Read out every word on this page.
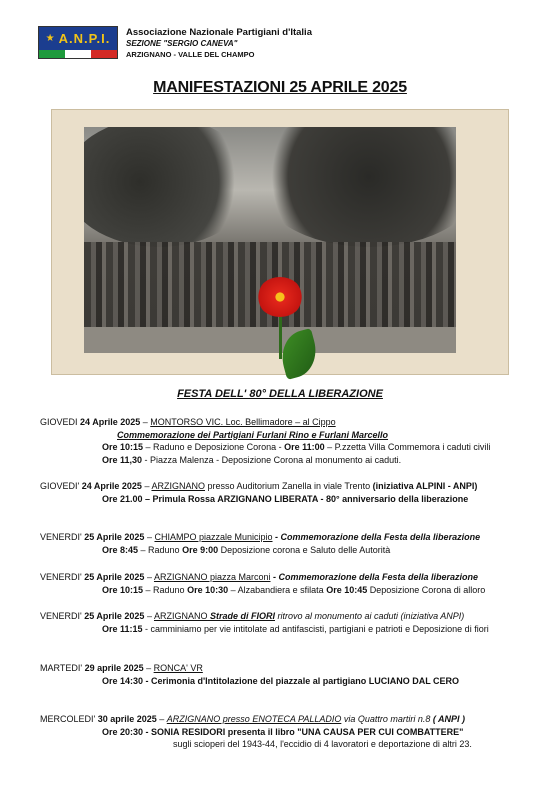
★ A.N.P.I. Associazione Nazionale Partigiani d'Italia
SEZIONE "SERGIO CANEVA"
ARZIGNANO - VALLE DEL CHAMPO
MANIFESTAZIONI 25 APRILE 2025
FESTA DELL' 80° DELLA LIBERAZIONE
GIOVEDI 24 Aprile 2025 – MONTORSO VIC. Loc. Bellimadore – al Cippo
Commemorazione dei Partigiani Furlani Rino e Furlani Marcello
Ore 10:15 – Raduno e Deposizione Corona - Ore 11:00 – P.zzetta Villa Commemora i caduti civili
Ore 11,30 - Piazza Malenza - Deposizione Corona al monumento ai caduti.
GIOVEDI' 24 Aprile 2025 – ARZIGNANO presso Auditorium Zanella in viale Trento (iniziativa ALPINI - ANPI)
Ore 21.00 – Primula Rossa ARZIGNANO LIBERATA - 80° anniversario della liberazione
VENERDI' 25 Aprile 2025 – CHIAMPO piazzale Municipio - Commemorazione della Festa della liberazione
Ore 8:45 – Raduno Ore 9:00 Deposizione corona e Saluto delle Autorità
VENERDI' 25 Aprile 2025 – ARZIGNANO piazza Marconi - Commemorazione della Festa della liberazione
Ore 10:15 – Raduno Ore 10:30 – Alzabandiera e sfilata Ore 10:45 Deposizione Corona di alloro
VENERDI' 25 Aprile 2025 – ARZIGNANO Strade di FIORI ritrovo al monumento ai caduti (iniziativa ANPI)
Ore 11:15 - camminiamo per vie intitolate ad antifascisti, partigiani e patrioti e Deposizione di fiori
MARTEDI' 29 aprile 2025 – RONCA' VR
Ore 14:30 - Cerimonia d'Intitolazione del piazzale al partigiano LUCIANO DAL CERO
MERCOLEDI' 30 aprile 2025 – ARZIGNANO presso ENOTECA PALLADIO via Quattro martiri n.8 ( ANPI )
Ore 20:30 - SONIA RESIDORI presenta il libro "UNA CAUSA PER CUI COMBATTERE"
sugli scioperi del 1943-44, l'eccidio di 4 lavoratori e deportazione di altri 23.
